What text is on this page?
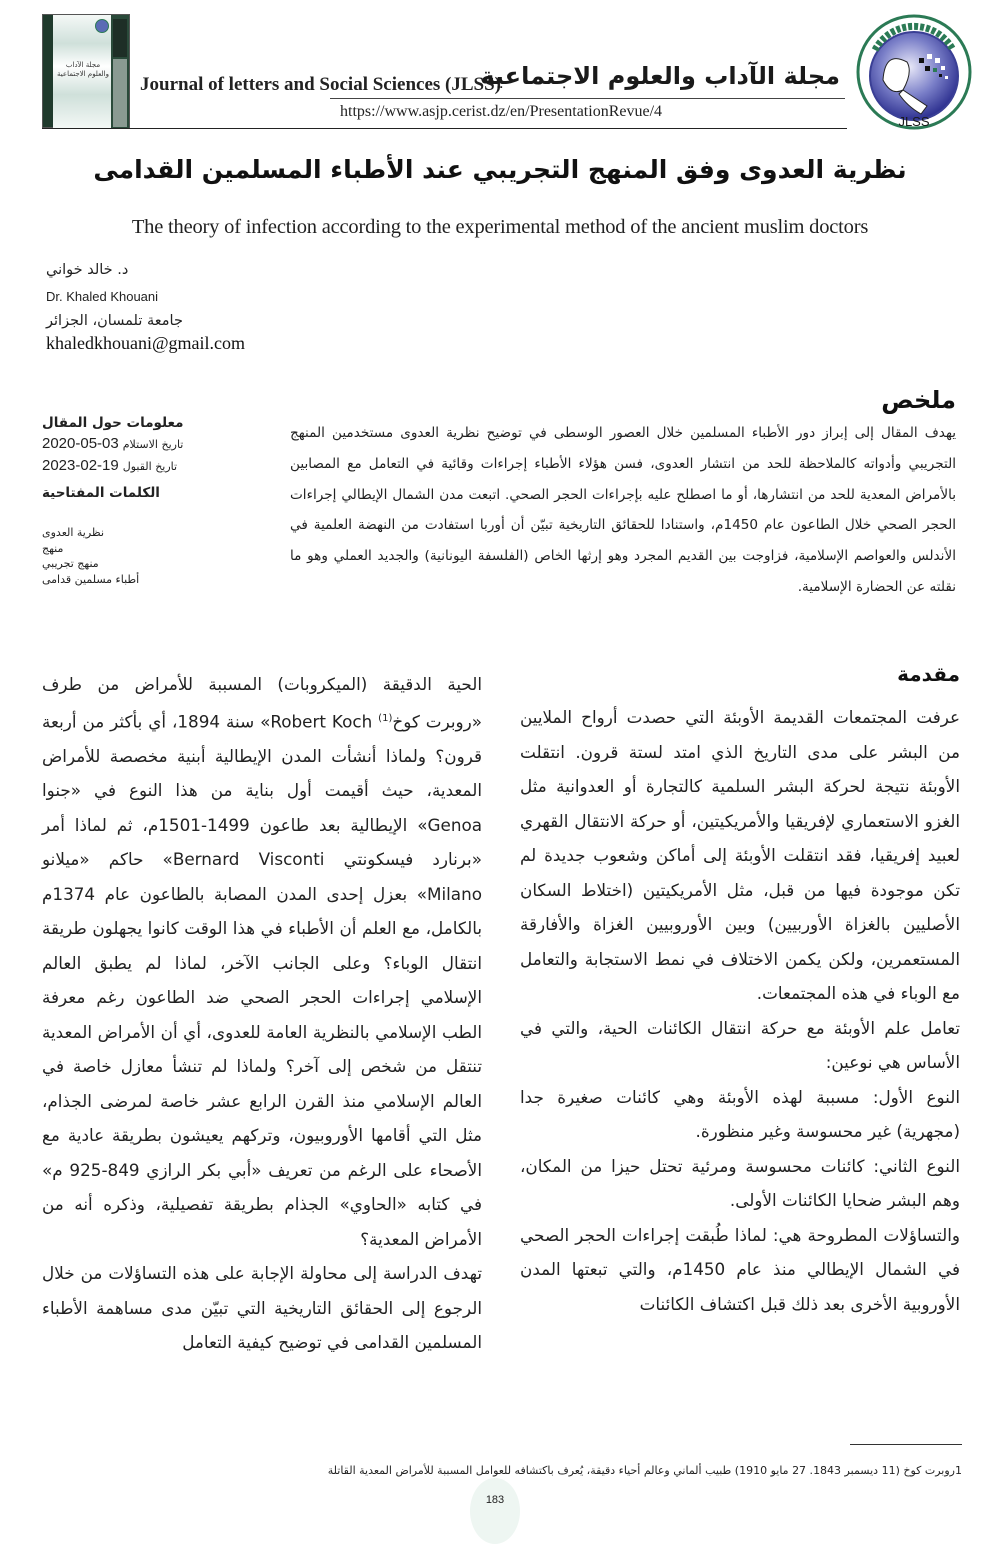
مجلة الآداب والعلوم الاجتماعية Journal of letters and Social Sciences (JLSS)
مجلة الآداب والعلوم الاجتماعية
https://www.asjp.cerist.dz/en/PresentationRevue/4
JLSS
نظرية العدوى وفق المنهج التجريبي عند الأطباء المسلمين القدامى
The theory of infection according to the experimental method of the ancient muslim doctors
د. خالد خواني
Dr. Khaled Khouani
جامعة تلمسان، الجزائر
khaledkhouani@gmail.com
معلومات حول المقال
2020-05-03 تاريخ الاستلام
2023-02-19 تاريخ القبول
الكلمات المفتاحية
نظرية العدوى
منهج
منهج تجريبي
أطباء مسلمين قدامى
ملخص
يهدف المقال إلى إبراز دور الأطباء المسلمين خلال العصور الوسطى في توضيح نظرية العدوى مستخدمين المنهج التجريبي وأدواته كالملاحظة للحد من انتشار العدوى، فسن هؤلاء الأطباء إجراءات وقائية في التعامل مع المصابين بالأمراض المعدية للحد من انتشارها، أو ما اصطلح عليه بإجراءات الحجر الصحي. اتبعت مدن الشمال الإيطالي إجراءات الحجر الصحي خلال الطاعون عام 1450م، واستنادا للحقائق التاريخية تبيّن أن أوربا استفادت من النهضة العلمية في الأندلس والعواصم الإسلامية، فزاوجت بين القديم المجرد وهو إرثها الخاص (الفلسفة اليونانية) والجديد العملي وهو ما نقلته عن الحضارة الإسلامية.
مقدمة

عرفت المجتمعات القديمة الأوبئة التي حصدت أرواح الملايين من البشر على مدى التاريخ الذي امتد لستة قرون. انتقلت الأوبئة نتيجة لحركة البشر السلمية كالتجارة أو العدوانية مثل الغزو الاستعماري لإفريقيا والأمريكيتين، أو حركة الانتقال القهري لعبيد إفريقيا، فقد انتقلت الأوبئة إلى أماكن وشعوب جديدة لم تكن موجودة فيها من قبل، مثل الأمريكيتين (اختلاط السكان الأصليين بالغزاة الأوربيين) وبين الأوروبيين الغزاة والأفارقة المستعمرين، ولكن يكمن الاختلاف في نمط الاستجابة والتعامل مع الوباء في هذه المجتمعات.

تعامل علم الأوبئة مع حركة انتقال الكائنات الحية، والتي في الأساس هي نوعين:

النوع الأول: مسببة لهذه الأوبئة وهي كائنات صغيرة جدا (مجهرية) غير محسوسة وغير منظورة.

النوع الثاني: كائنات محسوسة ومرئية تحتل حيزا من المكان، وهم البشر ضحايا الكائنات الأولى.

والتساؤلات المطروحة هي: لماذا طُبقت إجراءات الحجر الصحي في الشمال الإيطالي منذ عام 1450م، والتي تبعتها المدن الأوروبية الأخرى بعد ذلك قبل اكتشاف الكائنات

الحية الدقيقة (الميكروبات) المسببة للأمراض من طرف «روبرت كوخ$^{(1)}$ Robert Koch» سنة 1894، أي بأكثر من أربعة قرون؟ ولماذا أنشأت المدن الإيطالية أبنية مخصصة للأمراض المعدية، حيث أقيمت أول بناية من هذا النوع في «جنوا Genoa» الإيطالية بعد طاعون 1499-1501م، ثم لماذا أمر «برنارد فيسكونتي Bernard Visconti» حاكم «ميلانو Milano» بعزل إحدى المدن المصابة بالطاعون عام 1374م بالكامل، مع العلم أن الأطباء في هذا الوقت كانوا يجهلون طريقة انتقال الوباء؟ وعلى الجانب الآخر، لماذا لم يطبق العالم الإسلامي إجراءات الحجر الصحي ضد الطاعون رغم معرفة الطب الإسلامي بالنظرية العامة للعدوى، أي أن الأمراض المعدية تنتقل من شخص إلى آخر؟ ولماذا لم تنشأ معازل خاصة في العالم الإسلامي منذ القرن الرابع عشر خاصة لمرضى الجذام، مثل التي أقامها الأوروبيون، وتركهم يعيشون بطريقة عادية مع الأصحاء على الرغم من تعريف «أبي بكر الرازي 849-925 م» في كتابه «الحاوي» الجذام بطريقة تفصيلية، وذكره أنه من الأمراض المعدية؟

تهدف الدراسة إلى محاولة الإجابة على هذه التساؤلات من خلال الرجوع إلى الحقائق التاريخية التي تبيّن مدى مساهمة الأطباء المسلمين القدامى في توضيح كيفية التعامل

1روبرت كوخ (11 ديسمبر 1843. 27 مايو 1910) طبيب ألماني وعالم أحياء دقيقة، يُعرف باكتشافه للعوامل المسببة للأمراض المعدية القاتلة
183
